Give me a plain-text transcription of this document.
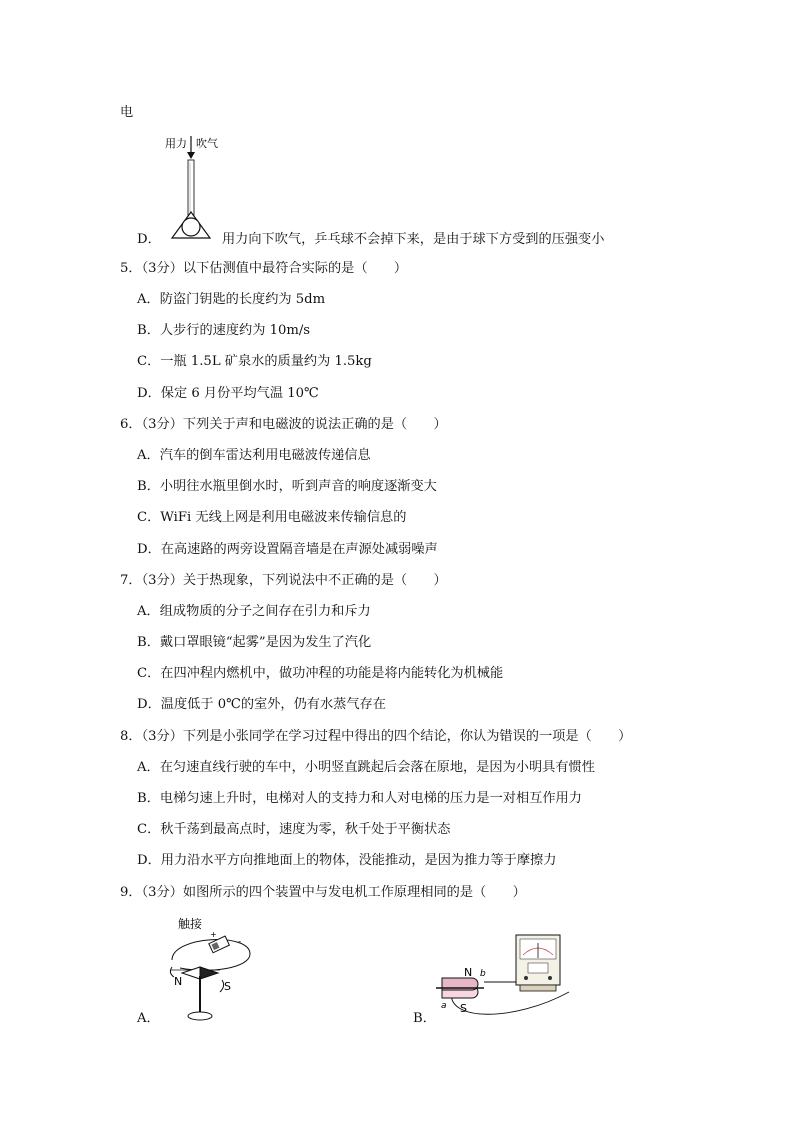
电
用力 吹气
D．	用力向下吹气，乒乓球不会掉下来，是由于球下方受到的压强变小
5．（3分）以下估测值中最符合实际的是（　　）
A．防盗门钥匙的长度约为 5dm
B．人步行的速度约为 10m/s
C．一瓶 1.5L 矿泉水的质量约为 1.5kg
D．保定 6 月份平均气温 10℃
6．（3分）下列关于声和电磁波的说法正确的是（　　）
A．汽车的倒车雷达利用电磁波传递信息
B．小明往水瓶里倒水时，听到声音的响度逐渐变大
C．WiFi 无线上网是利用电磁波来传输信息的
D．在高速路的两旁设置隔音墙是在声源处减弱噪声
7．（3分）关于热现象，下列说法中不正确的是（　　）
A．组成物质的分子之间存在引力和斥力
B．戴口罩眼镜“起雾”是因为发生了汽化
C．在四冲程内燃机中，做功冲程的功能是将内能转化为机械能
D．温度低于 0℃的室外，仍有水蒸气存在
8．（3分）下列是小张同学在学习过程中得出的四个结论，你认为错误的一项是（　　）
A．在匀速直线行驶的车中，小明竖直跳起后会落在原地，是因为小明具有惯性
B．电梯匀速上升时，电梯对人的支持力和人对电梯的压力是一对相互作用力
C．秋千荡到最高点时，速度为零，秋千处于平衡状态
D．用力沿水平方向推地面上的物体，没能推动，是因为推力等于摩擦力
9．（3分）如图所示的四个装置中与发电机工作原理相同的是（　　）
A．
触接
+
-
N	S
B．
N b
a S
